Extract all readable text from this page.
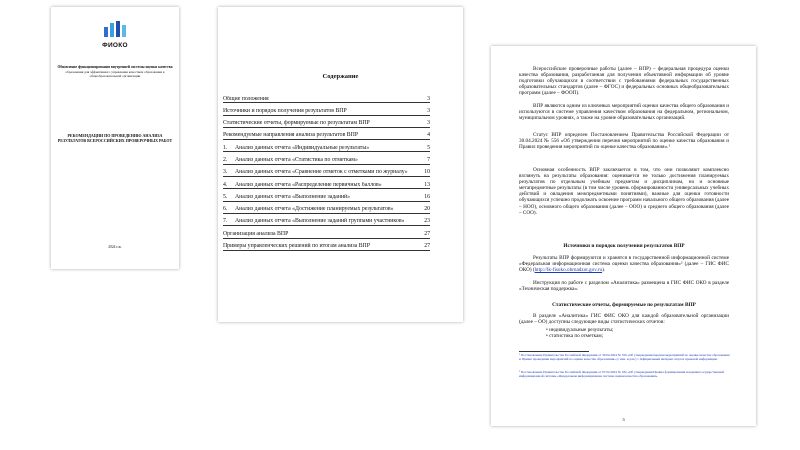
ФИОКО
Обновление функционирования внутренней системы оценки качества
образования для эффективного управления качеством образования в общеобразовательной организации
РЕКОМЕНДАЦИИ ПО ПРОВЕДЕНИЮ АНАЛИЗА РЕЗУЛЬТАТОВ ВСЕРОССИЙСКИХ ПРОВЕРОЧНЫХ РАБОТ
2024 г.ж.
Содержание
Общие положения	3
Источники и порядок получения результатов ВПР	3
Статистические отчеты, формируемые по результатам ВПР	3
Рекомендуемые направления анализа результатов ВПР	4
1. Анализ данных отчета «Индивидуальные результаты»	5
2. Анализ данных отчета «Статистика по отметкам»	7
3. Анализ данных отчета «Сравнение отметок с отметками по журналу»	10
4. Анализ данных отчета «Распределение первичных баллов»	13
5. Анализ данных отчета «Выполнение заданий»	16
6. Анализ данных отчета «Достижение планируемых результатов»	20
7. Анализ данных отчета «Выполнение заданий группами участников»	23
Организация анализа ВПР	27
Примеры управленческих решений по итогам анализа ВПР	27
Всероссийские проверочные работы (далее – ВПР) – федеральная процедура оценки качества образования, разработанная для получения объективной информации об уровне подготовки обучающихся в соответствии с требованиями федеральных государственных образовательных стандартов (далее – ФГОС) и федеральных основных общеобразовательных программ (далее – ФООП).
ВПР являются одним из ключевых мероприятий оценки качества общего образования и используются в системе управления качеством образования на федеральном, региональном, муниципальном уровнях, а также на уровне образовательных организаций.
Статус ВПР определен Постановлением Правительства Российской Федерации от 30.04.2024 № 556 «Об утверждении перечня мероприятий по оценке качества образования и Правил проведения мероприятий по оценке качества образования».¹
Основная особенность ВПР заключается в том, что они позволяют комплексно взглянуть на результаты образования: оценивается не только достижения планируемых результатов по отдельным учебным предметам и дисциплинам, но и основные метапредметные результаты (в том числе уровень сформированности универсальных учебных действий и овладения межпредметными понятиями), важные для оценки готовности обучающихся успешно продолжать освоение программ начального общего образования (далее – НОО), основного общего образования (далее – ООО) и среднего общего образования (далее – СОО).
Источники и порядок получения результатов ВПР
Результаты ВПР формируются и хранятся в государственной информационной системе «Федеральная информационная система оценки качества образования»² (далее – ГИС ФИС ОКО) (http://lk-fisoko.obrnadzor.gov.ru).
Инструкция по работе с разделом «Аналитика» размещена в ГИС ФИС ОКО в разделе «Техническая поддержка».
Статистические отчеты, формируемые по результатам ВПР
В разделе «Аналитика» ГИС ФИС ОКО для каждой образовательной организации (далее – ОО) доступны следующие виды статистических отчетов:
• индивидуальные результаты;
• статистика по отметкам;
¹ Постановление Правительства Российской Федерации от 30.04.2024 № 556 «Об утверждении перечня мероприятий по оценке качества образования и Правил проведения мероприятий по оценке качества образования» (с изм. и доп.) // Официальный интернет-портал правовой информации.
² Постановление Правительства Российской Федерации от 07.02.2024 № 182 «Об утверждении Правил формирования и ведения государственной информационной системы «Федеральная информационная система оценки качества образования».
3
